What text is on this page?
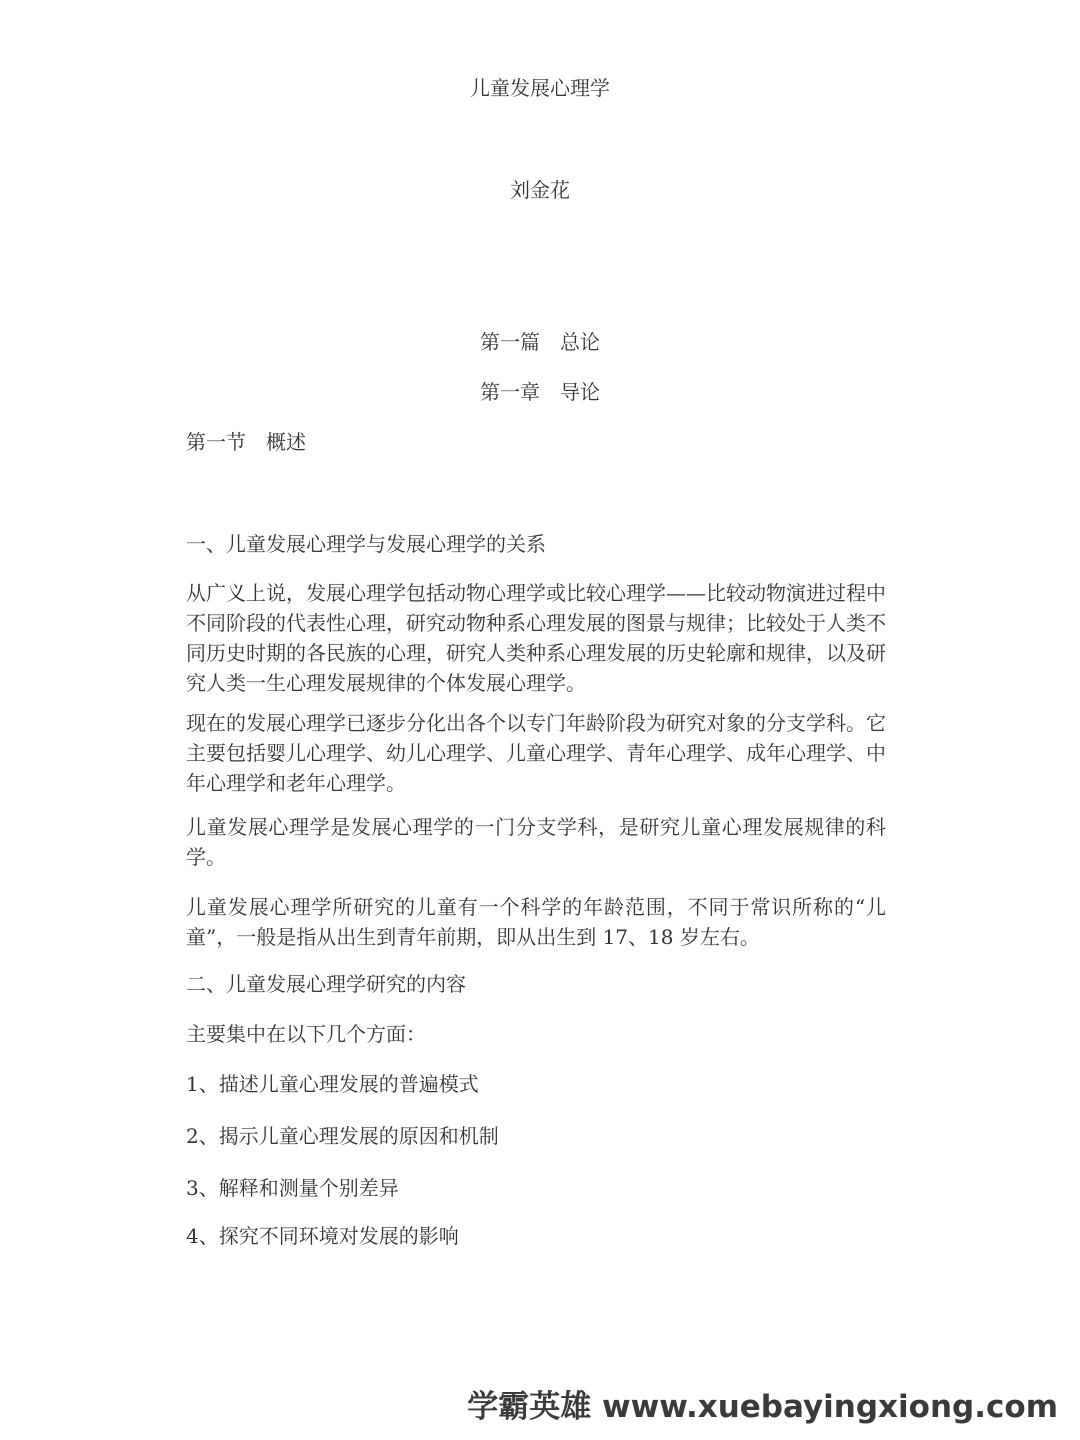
儿童发展心理学

刘金花

第一篇　总论

第一章　导论

第一节　概述

一、儿童发展心理学与发展心理学的关系

从广义上说，发展心理学包括动物心理学或比较心理学——比较动物演进过程中不同阶段的代表性心理，研究动物种系心理发展的图景与规律；比较处于人类不同历史时期的各民族的心理，研究人类种系心理发展的历史轮廓和规律，以及研究人类一生心理发展规律的个体发展心理学。

现在的发展心理学已逐步分化出各个以专门年龄阶段为研究对象的分支学科。它主要包括婴儿心理学、幼儿心理学、儿童心理学、青年心理学、成年心理学、中年心理学和老年心理学。

儿童发展心理学是发展心理学的一门分支学科，是研究儿童心理发展规律的科学。

儿童发展心理学所研究的儿童有一个科学的年龄范围，不同于常识所称的“儿童”，一般是指从出生到青年前期，即从出生到 17、18 岁左右。

二、儿童发展心理学研究的内容

主要集中在以下几个方面：

1、描述儿童心理发展的普遍模式

2、揭示儿童心理发展的原因和机制

3、解释和测量个别差异

4、探究不同环境对发展的影响

学霸英雄 www.xuebayingxiong.com
